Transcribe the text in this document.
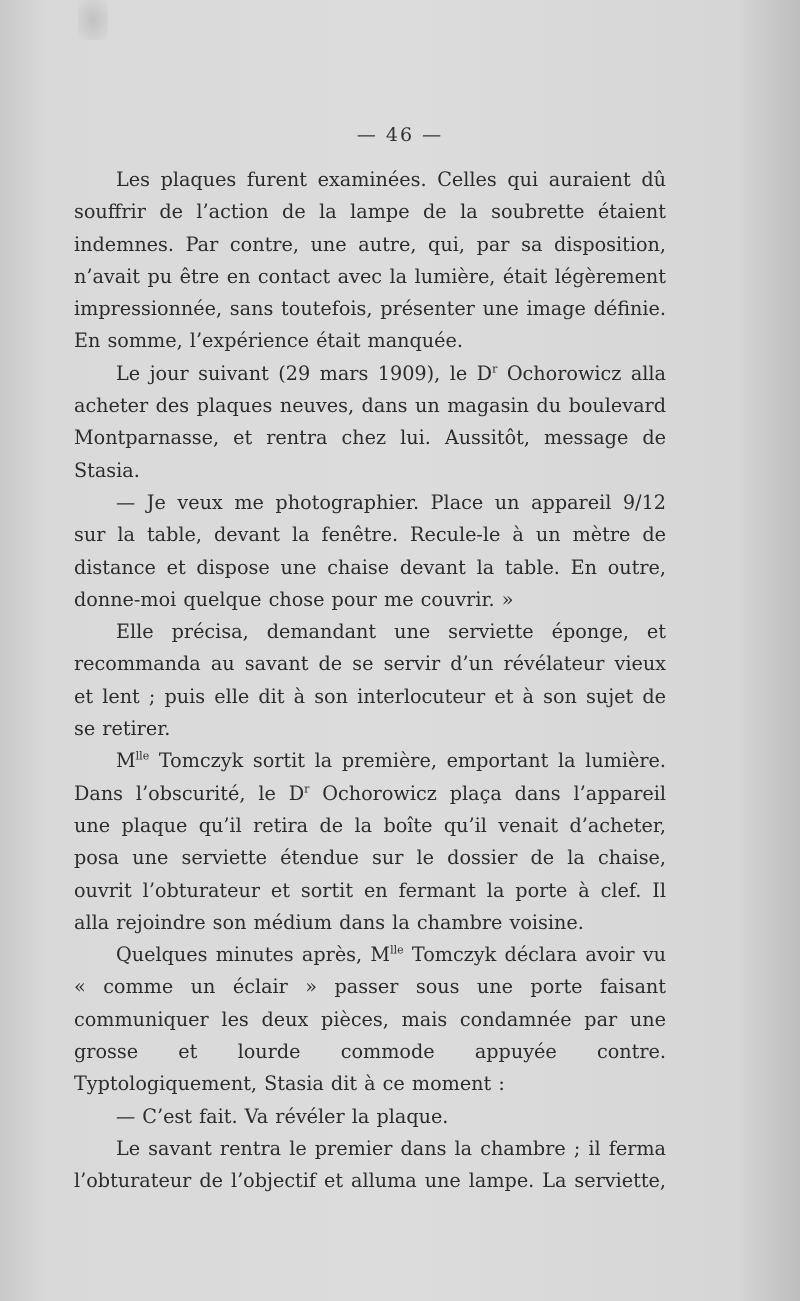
— 46 —

Les plaques furent examinées. Celles qui auraient dû souffrir de l’action de la lampe de la soubrette étaient indemnes. Par contre, une autre, qui, par sa disposition, n’avait pu être en contact avec la lumière, était légèrement impressionnée, sans toutefois, présenter une image définie. En somme, l’expérience était manquée.

Le jour suivant (29 mars 1909), le $D^r$ Ochorowicz alla acheter des plaques neuves, dans un magasin du boulevard Montparnasse, et rentra chez lui. Aussitôt, message de Stasia.

— Je veux me photographier. Place un appareil 9/12 sur la table, devant la fenêtre. Recule-le à un mètre de distance et dispose une chaise devant la table. En outre, donne-moi quelque chose pour me couvrir. »

Elle précisa, demandant une serviette éponge, et recommanda au savant de se servir d’un révélateur vieux et lent ; puis elle dit à son interlocuteur et à son sujet de se retirer.

$M^{lle}$ Tomczyk sortit la première, emportant la lumière. Dans l’obscurité, le $D^r$ Ochorowicz plaça dans l’appareil une plaque qu’il retira de la boîte qu’il venait d’acheter, posa une serviette étendue sur le dossier de la chaise, ouvrit l’obturateur et sortit en fermant la porte à clef. Il alla rejoindre son médium dans la chambre voisine.

Quelques minutes après, $M^{lle}$ Tomczyk déclara avoir vu « comme un éclair » passer sous une porte faisant communiquer les deux pièces, mais condamnée par une grosse et lourde commode appuyée contre. Typtologiquement, Stasia dit à ce moment :

— C’est fait. Va révéler la plaque.

Le savant rentra le premier dans la chambre ; il ferma l’obturateur de l’objectif et alluma une lampe. La serviette,
